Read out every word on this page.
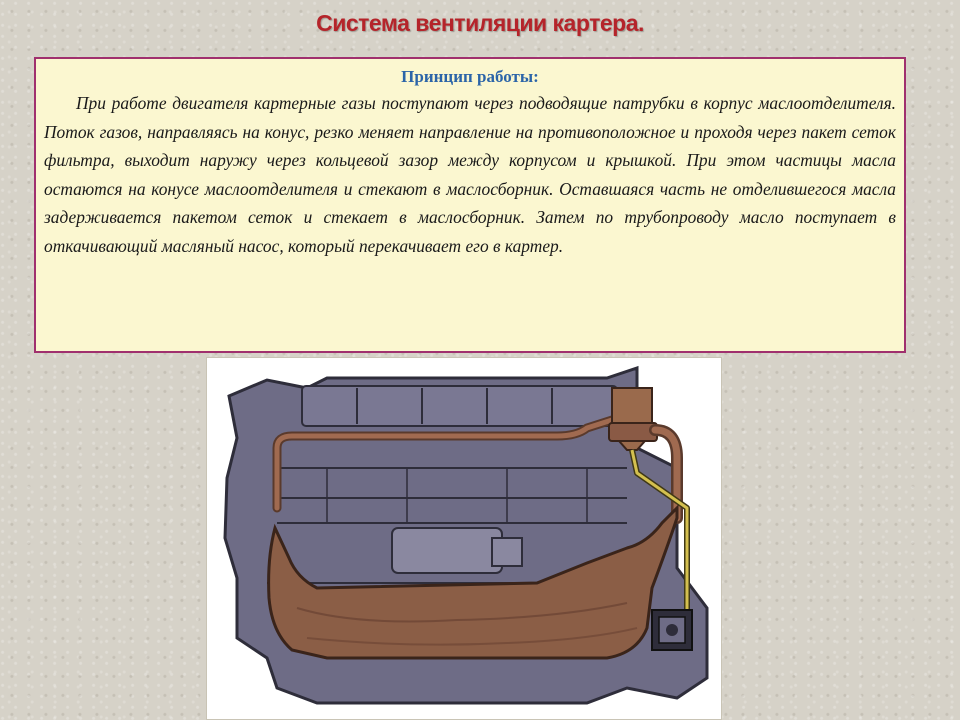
Система вентиляции картера.
Принцип работы:

При работе двигателя картерные газы поступают через подводящие патрубки в корпус маслоотделителя. Поток газов, направляясь на конус, резко меняет направление на противоположное и проходя через пакет сеток фильтра, выходит наружу через кольцевой зазор между корпусом и крышкой. При этом частицы масла остаются на конусе маслоотделителя и стекают в маслосборник. Оставшаяся часть не отделившегося масла задерживается пакетом сеток и стекает в маслосборник. Затем по трубопроводу масло поступает в откачивающий масляный насос, который перекачивает его в картер.
